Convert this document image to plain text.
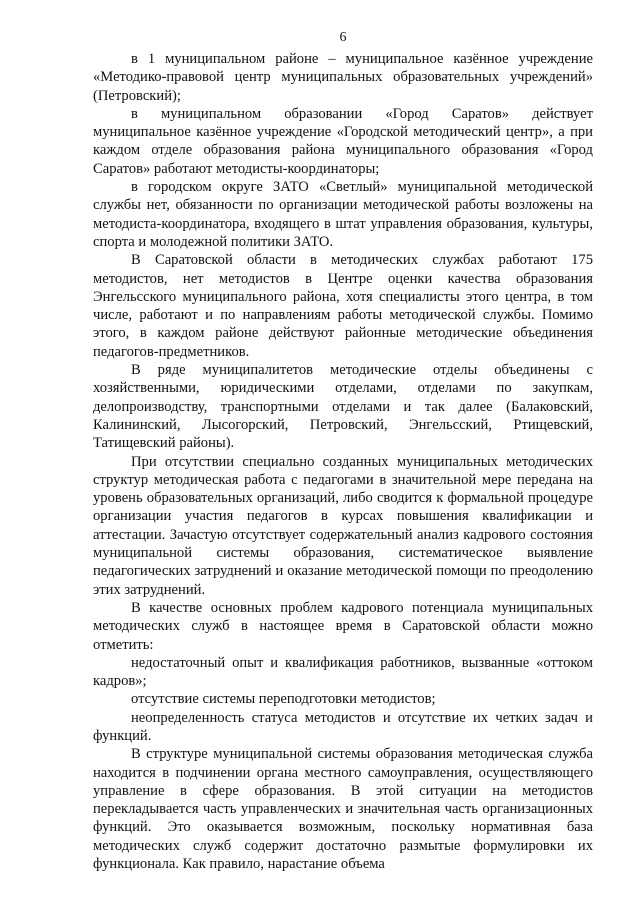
6

в 1 муниципальном районе – муниципальное казённое учреждение «Методико-правовой центр муниципальных образовательных учреждений» (Петровский);

в муниципальном образовании «Город Саратов» действует муниципальное казённое учреждение «Городской методический центр», а при каждом отделе образования района муниципального образования «Город Саратов» работают методисты-координаторы;

в городском округе ЗАТО «Светлый» муниципальной методической службы нет, обязанности по организации методической работы возложены на методиста-координатора, входящего в штат управления образования, культуры, спорта и молодежной политики ЗАТО.

В Саратовской области в методических службах работают 175 методистов, нет методистов в Центре оценки качества образования Энгельсского муниципального района, хотя специалисты этого центра, в том числе, работают и по направлениям работы методической службы. Помимо этого, в каждом районе действуют районные методические объединения педагогов-предметников.

В ряде муниципалитетов методические отделы объединены с хозяйственными, юридическими отделами, отделами по закупкам, делопроизводству, транспортными отделами и так далее (Балаковский, Калининский, Лысогорский, Петровский, Энгельсский, Ртищевский, Татищевский районы).

При отсутствии специально созданных муниципальных методических структур методическая работа с педагогами в значительной мере передана на уровень образовательных организаций, либо сводится к формальной процедуре организации участия педагогов в курсах повышения квалификации и аттестации. Зачастую отсутствует содержательный анализ кадрового состояния муниципальной системы образования, систематическое выявление педагогических затруднений и оказание методической помощи по преодолению этих затруднений.

В качестве основных проблем кадрового потенциала муниципальных методических служб в настоящее время в Саратовской области можно отметить:

недостаточный опыт и квалификация работников, вызванные «оттоком кадров»;

отсутствие системы переподготовки методистов;

неопределенность статуса методистов и отсутствие их четких задач и функций.

В структуре муниципальной системы образования методическая служба находится в подчинении органа местного самоуправления, осуществляющего управление в сфере образования. В этой ситуации на методистов перекладывается часть управленческих и значительная часть организационных функций. Это оказывается возможным, поскольку нормативная база методических служб содержит достаточно размытые формулировки их функционала. Как правило, нарастание объема
